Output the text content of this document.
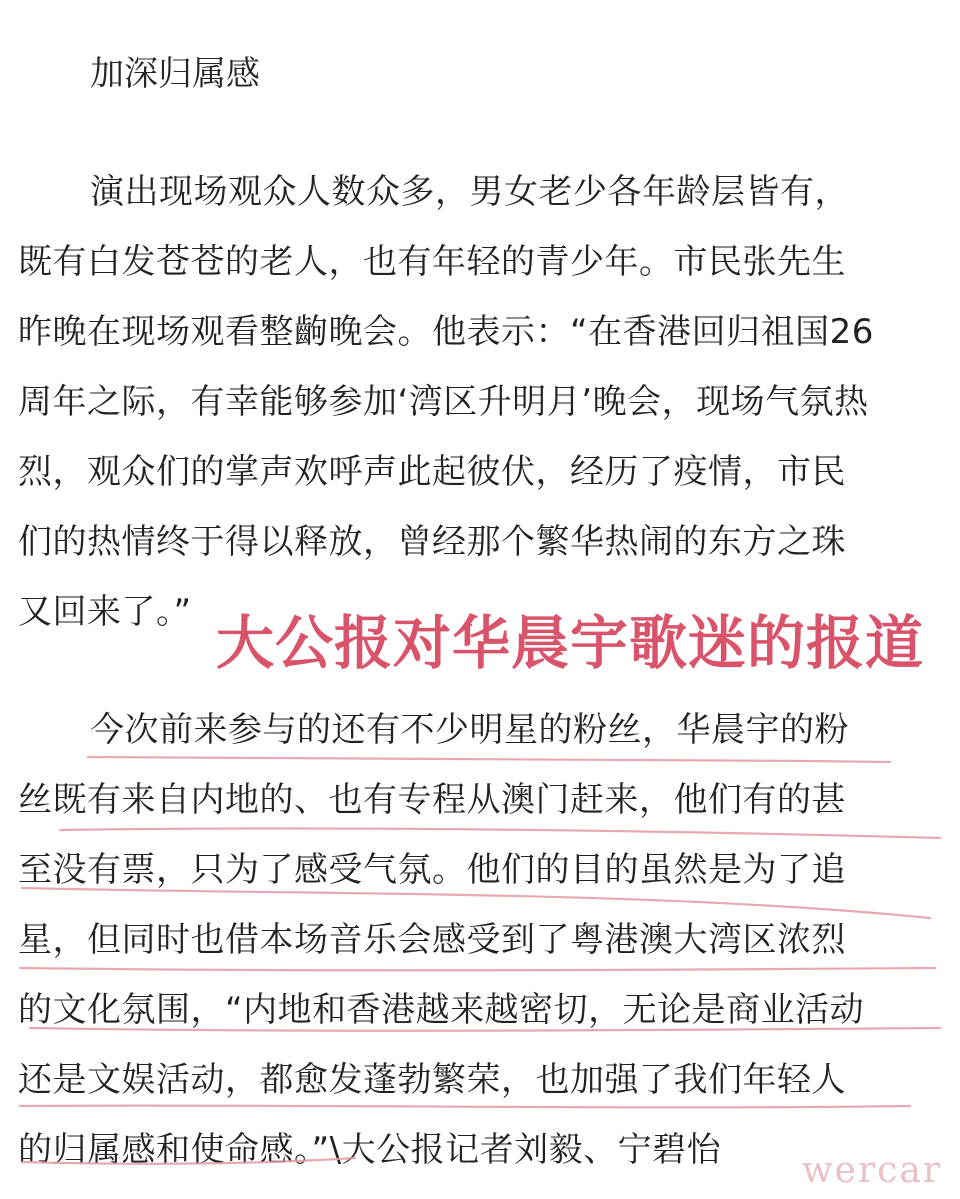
加深归属感
演出现场观众人数众多，男女老少各年龄层皆有，
既有白发苍苍的老人，也有年轻的青少年。市民张先生
昨晚在现场观看整齣晚会。他表示：“在香港回归祖国26
周年之际，有幸能够参加‘湾区升明月’晚会，现场气氛热
烈，观众们的掌声欢呼声此起彼伏，经历了疫情，市民
们的热情终于得以释放，曾经那个繁华热闹的东方之珠
又回来了。”
今次前来参与的还有不少明星的粉丝，华晨宇的粉
丝既有来自内地的、也有专程从澳门赶来，他们有的甚
至没有票，只为了感受气氛。他们的目的虽然是为了追
星，但同时也借本场音乐会感受到了粤港澳大湾区浓烈
的文化氛围，“内地和香港越来越密切，无论是商业活动
还是文娱活动，都愈发蓬勃繁荣，也加强了我们年轻人
的归属感和使命感。”\大公报记者刘毅、宁碧怡
大公报对华晨宇歌迷的报道
wercar
